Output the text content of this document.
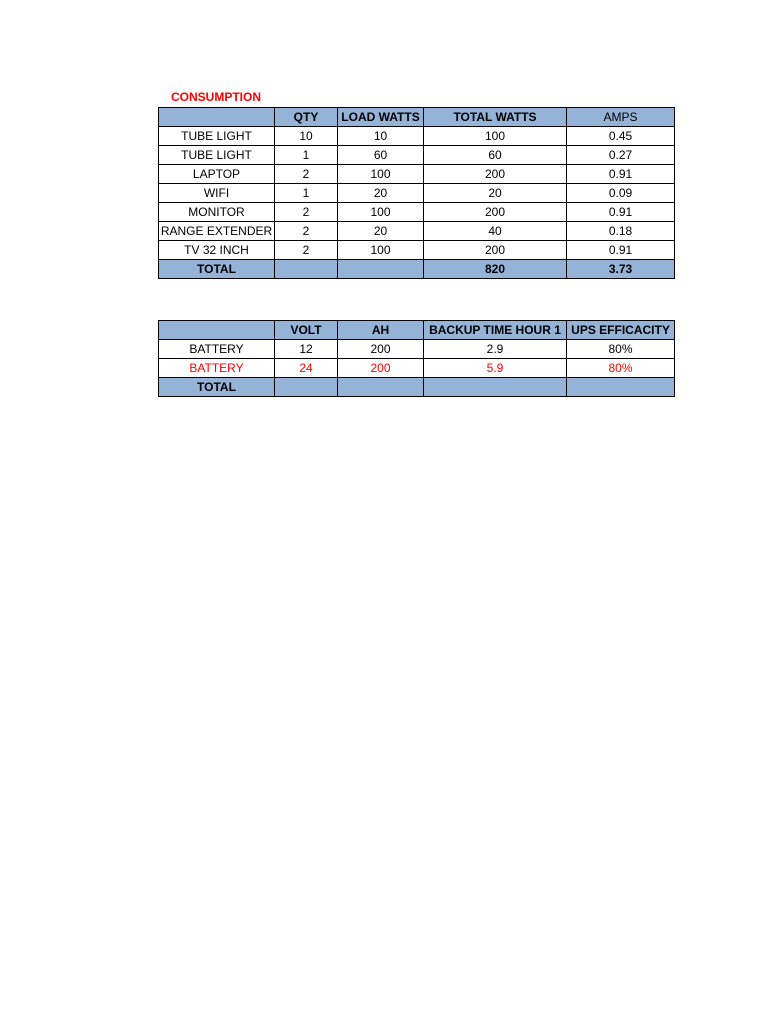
CONSUMPTION
	QTY	LOAD WATTS	TOTAL WATTS	AMPS
TUBE LIGHT	10	10	100	0.45
TUBE LIGHT	1	60	60	0.27
LAPTOP	2	100	200	0.91
WIFI	1	20	20	0.09
MONITOR	2	100	200	0.91
RANGE EXTENDER	2	20	40	0.18
TV 32 INCH	2	100	200	0.91
TOTAL			820	3.73
	VOLT	AH	BACKUP TIME HOUR 1	UPS EFFICACITY
BATTERY	12	200	2.9	80%
BATTERY	24	200	5.9	80%
TOTAL				
